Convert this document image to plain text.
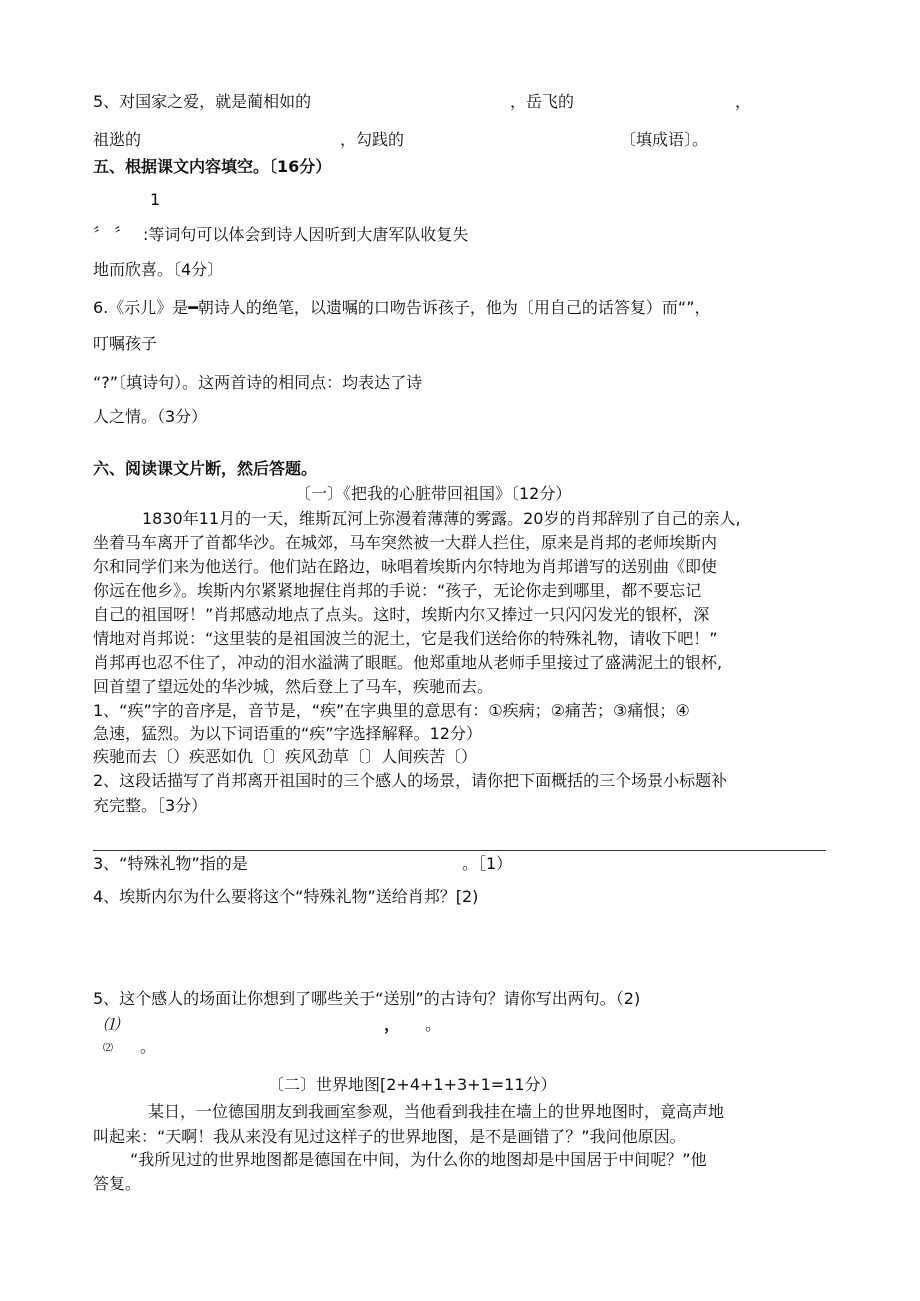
5、对国家之爱，就是蔺相如的	，岳飞的	，
祖逖的	，勾践的	〔填成语〕。
五、根据课文内容填空。〔16分）
1
〞 〞 :等词句可以体会到诗人因听到大唐军队收复失
地而欣喜。〔4分〕
6.《示儿》是━朝诗人的绝笔，以遗嘱的口吻告诉孩子，他为〔用自己的话答复）而“”，
叮嘱孩子
“?”〔填诗句）。这两首诗的相同点：均表达了诗
人之情。（3分）
六、阅读课文片断，然后答题。
〔一〕《把我的心脏带回祖国》〔12分）
1830年11月的一天，维斯瓦河上弥漫着薄薄的雾露。20岁的肖邦辞别了自己的亲人,
坐着马车离开了首都华沙。在城郊，马车突然被一大群人拦住，原来是肖邦的老师埃斯内
尔和同学们来为他送行。他们站在路边，咏唱着埃斯内尔特地为肖邦谱写的送别曲《即使
你远在他乡》。埃斯内尔紧紧地握住肖邦的手说：“孩子，无论你走到哪里，都不要忘记
自己的祖国呀！”肖邦感动地点了点头。这时，埃斯内尔又捧过一只闪闪发光的银杯，深
情地对肖邦说：“这里装的是祖国波兰的泥土，它是我们送给你的特殊礼物，请收下吧！”
肖邦再也忍不住了，冲动的泪水溢满了眼眶。他郑重地从老师手里接过了盛满泥土的银杯,
回首望了望远处的华沙城，然后登上了马车，疾驰而去。
1、“疾”字的音序是，音节是，“疾”在字典里的意思有：①疾病；②痛苦；③痛恨；④
急速，猛烈。为以下词语重的“疾”字选择解释。12分）
疾驰而去〔）疾恶如仇〔〕疾风劲草〔〕人间疾苦〔）
2、这段话描写了肖邦离开祖国时的三个感人的场景，请你把下面概括的三个场景小标题补
充完整。［3分）
3、“特殊礼物”指的是	。［1）
4、埃斯内尔为什么要将这个“特殊礼物”送给肖邦？[2)
5、这个感人的场面让你想到了哪些关于“送别”的古诗句？请你写出两句。（2)
⑴	， 。
⑵ 。
〔二〕世界地图[2+4+1+3+1=11分）
某日，一位德国朋友到我画室参观，当他看到我挂在墙上的世界地图时，竟高声地
叫起来：“天啊！我从来没有见过这样子的世界地图，是不是画错了？”我问他原因。
“我所见过的世界地图都是德国在中间，为什么你的地图却是中国居于中间呢？”他
答复。
